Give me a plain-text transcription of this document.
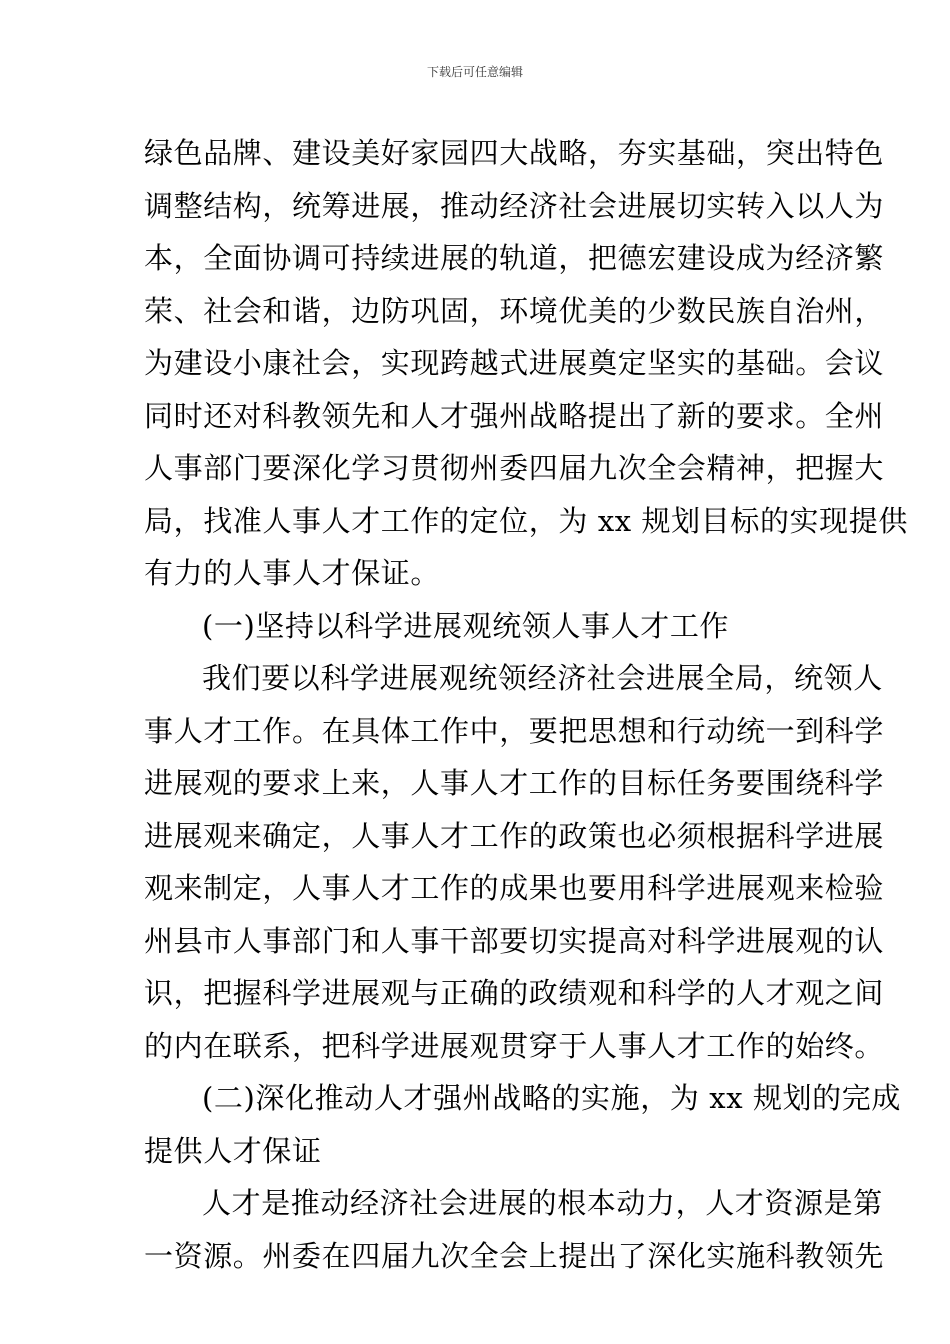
下载后可任意编辑
绿色品牌、建设美好家园四大战略，夯实基础，突出特色
调整结构，统筹进展，推动经济社会进展切实转入以人为
本，全面协调可持续进展的轨道，把德宏建设成为经济繁
荣、社会和谐，边防巩固，环境优美的少数民族自治州，
为建设小康社会，实现跨越式进展奠定坚实的基础。会议
同时还对科教领先和人才强州战略提出了新的要求。全州
人事部门要深化学习贯彻州委四届九次全会精神，把握大
局，找准人事人才工作的定位，为 xx 规划目标的实现提供
有力的人事人才保证。
(一)坚持以科学进展观统领人事人才工作
我们要以科学进展观统领经济社会进展全局，统领人
事人才工作。在具体工作中，要把思想和行动统一到科学
进展观的要求上来，人事人才工作的目标任务要围绕科学
进展观来确定，人事人才工作的政策也必须根据科学进展
观来制定，人事人才工作的成果也要用科学进展观来检验
州县市人事部门和人事干部要切实提高对科学进展观的认
识，把握科学进展观与正确的政绩观和科学的人才观之间
的内在联系，把科学进展观贯穿于人事人才工作的始终。
(二)深化推动人才强州战略的实施，为 xx 规划的完成
提供人才保证
人才是推动经济社会进展的根本动力，人才资源是第
一资源。州委在四届九次全会上提出了深化实施科教领先
